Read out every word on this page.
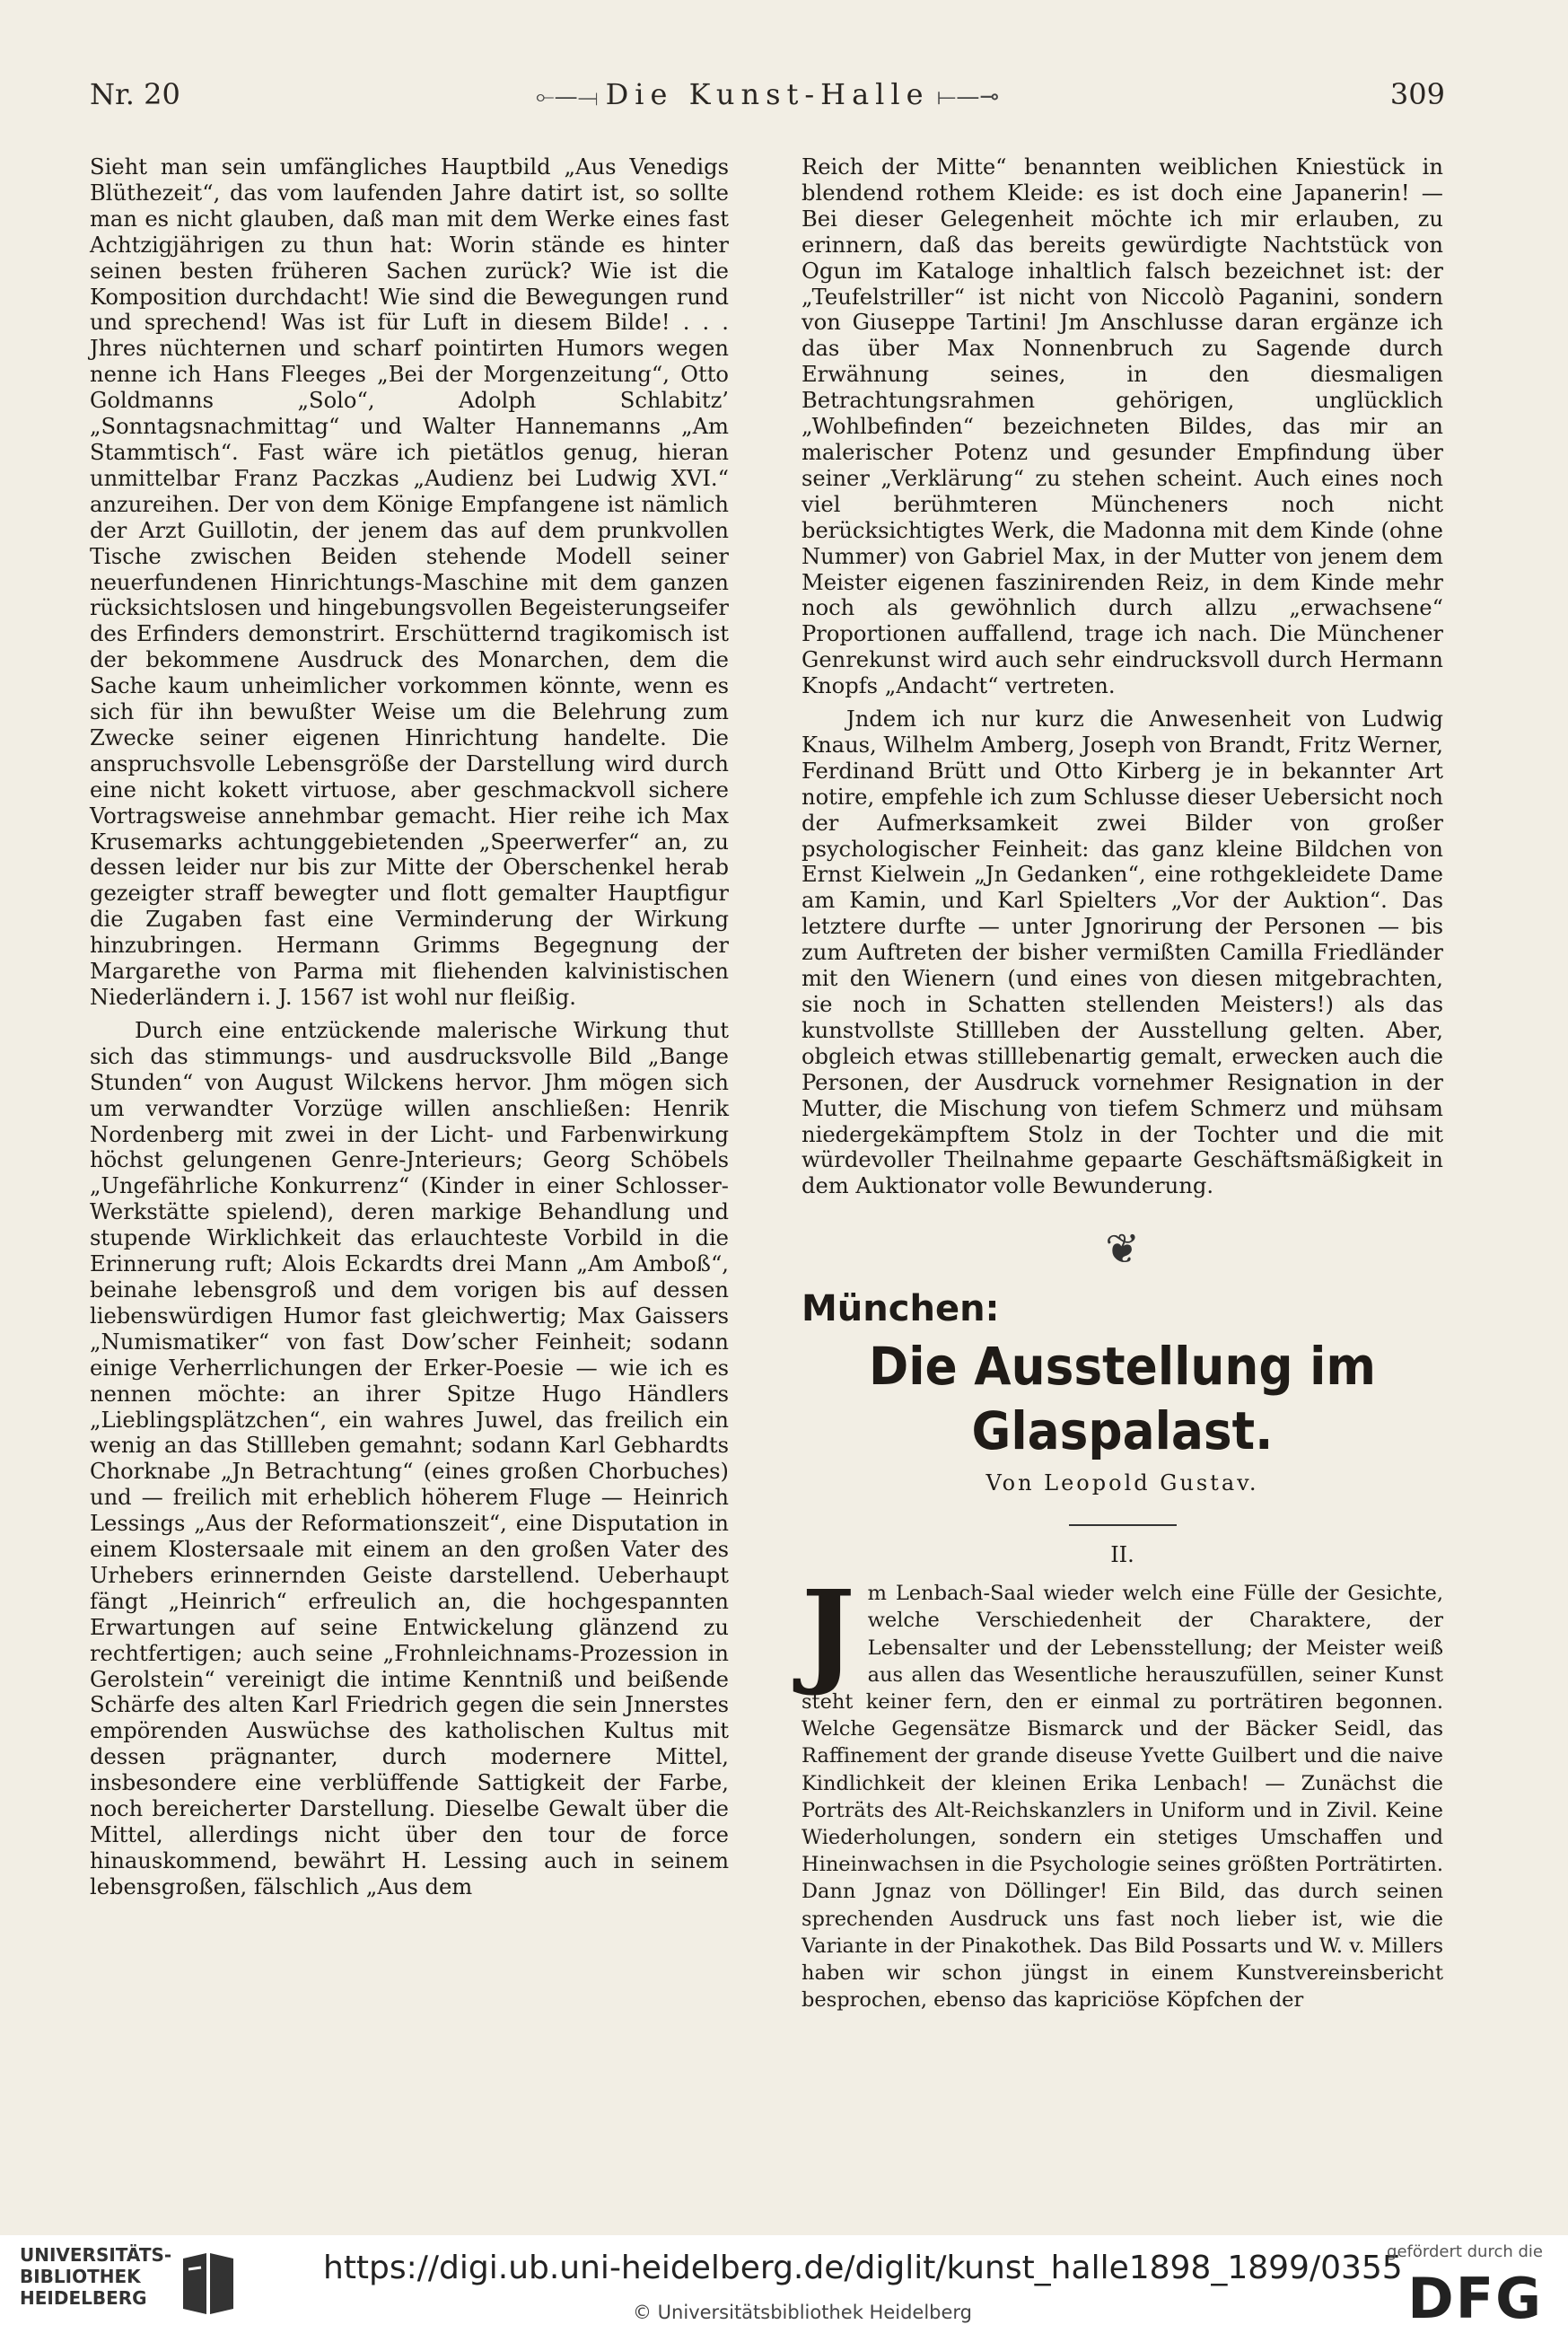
Nr. 20	⟜—⟞ Die Kunst-Halle ⟝—⊸	309

Sieht man sein umfängliches Hauptbild „Aus Venedigs Blüthezeit“, das vom laufenden Jahre datirt ist, so sollte man es nicht glauben, daß man mit dem Werke eines fast Achtzigjährigen zu thun hat: Worin stände es hinter seinen besten früheren Sachen zurück? Wie ist die Komposition durchdacht! Wie sind die Bewegungen rund und sprechend! Was ist für Luft in diesem Bilde! . . . Jhres nüchternen und scharf pointirten Humors wegen nenne ich Hans Fleeges „Bei der Morgenzeitung“, Otto Goldmanns „Solo“, Adolph Schlabitz’ „Sonntagsnachmittag“ und Walter Hannemanns „Am Stammtisch“. Fast wäre ich pietätlos genug, hieran unmittelbar Franz Paczkas „Audienz bei Ludwig XVI.“ anzureihen. Der von dem Könige Empfangene ist nämlich der Arzt Guillotin, der jenem das auf dem prunkvollen Tische zwischen Beiden stehende Modell seiner neuerfundenen Hinrichtungs-Maschine mit dem ganzen rücksichtslosen und hingebungsvollen Begeisterungseifer des Erfinders demonstrirt. Erschütternd tragikomisch ist der bekommene Ausdruck des Monarchen, dem die Sache kaum unheimlicher vorkommen könnte, wenn es sich für ihn bewußter Weise um die Belehrung zum Zwecke seiner eigenen Hinrichtung handelte. Die anspruchsvolle Lebensgröße der Darstellung wird durch eine nicht kokett virtuose, aber geschmackvoll sichere Vortragsweise annehmbar gemacht. Hier reihe ich Max Krusemarks achtunggebietenden „Speerwerfer“ an, zu dessen leider nur bis zur Mitte der Oberschenkel herab gezeigter straff bewegter und flott gemalter Hauptfigur die Zugaben fast eine Verminderung der Wirkung hinzubringen. Hermann Grimms Begegnung der Margarethe von Parma mit fliehenden kalvinistischen Niederländern i. J. 1567 ist wohl nur fleißig.

Durch eine entzückende malerische Wirkung thut sich das stimmungs- und ausdrucksvolle Bild „Bange Stunden“ von August Wilckens hervor. Jhm mögen sich um verwandter Vorzüge willen anschließen: Henrik Nordenberg mit zwei in der Licht- und Farbenwirkung höchst gelungenen Genre-Jnterieurs; Georg Schöbels „Ungefährliche Konkurrenz“ (Kinder in einer Schlosser-Werkstätte spielend), deren markige Behandlung und stupende Wirklichkeit das erlauchteste Vorbild in die Erinnerung ruft; Alois Eckardts drei Mann „Am Amboß“, beinahe lebensgroß und dem vorigen bis auf dessen liebenswürdigen Humor fast gleichwertig; Max Gaissers „Numismatiker“ von fast Dow’scher Feinheit; sodann einige Verherrlichungen der Erker-Poesie — wie ich es nennen möchte: an ihrer Spitze Hugo Händlers „Lieblingsplätzchen“, ein wahres Juwel, das freilich ein wenig an das Stillleben gemahnt; sodann Karl Gebhardts Chorknabe „Jn Betrachtung“ (eines großen Chorbuches) und — freilich mit erheblich höherem Fluge — Heinrich Lessings „Aus der Reformationszeit“, eine Disputation in einem Klostersaale mit einem an den großen Vater des Urhebers erinnernden Geiste darstellend. Ueberhaupt fängt „Heinrich“ erfreulich an, die hochgespannten Erwartungen auf seine Entwickelung glänzend zu rechtfertigen; auch seine „Frohnleichnams-Prozession in Gerolstein“ vereinigt die intime Kenntniß und beißende Schärfe des alten Karl Friedrich gegen die sein Jnnerstes empörenden Auswüchse des katholischen Kultus mit dessen prägnanter, durch modernere Mittel, insbesondere eine verblüffende Sattigkeit der Farbe, noch bereicherter Darstellung. Dieselbe Gewalt über die Mittel, allerdings nicht über den tour de force hinauskommend, bewährt H. Lessing auch in seinem lebensgroßen, fälschlich „Aus dem

Reich der Mitte“ benannten weiblichen Kniestück in blendend rothem Kleide: es ist doch eine Japanerin! — Bei dieser Gelegenheit möchte ich mir erlauben, zu erinnern, daß das bereits gewürdigte Nachtstück von Ogun im Kataloge inhaltlich falsch bezeichnet ist: der „Teufelstriller“ ist nicht von Niccolò Paganini, sondern von Giuseppe Tartini! Jm Anschlusse daran ergänze ich das über Max Nonnenbruch zu Sagende durch Erwähnung seines, in den diesmaligen Betrachtungsrahmen gehörigen, unglücklich „Wohlbefinden“ bezeichneten Bildes, das mir an malerischer Potenz und gesunder Empfindung über seiner „Verklärung“ zu stehen scheint. Auch eines noch viel berühmteren Müncheners noch nicht berücksichtigtes Werk, die Madonna mit dem Kinde (ohne Nummer) von Gabriel Max, in der Mutter von jenem dem Meister eigenen faszinirenden Reiz, in dem Kinde mehr noch als gewöhnlich durch allzu „erwachsene“ Proportionen auffallend, trage ich nach. Die Münchener Genrekunst wird auch sehr eindrucksvoll durch Hermann Knopfs „Andacht“ vertreten.

Jndem ich nur kurz die Anwesenheit von Ludwig Knaus, Wilhelm Amberg, Joseph von Brandt, Fritz Werner, Ferdinand Brütt und Otto Kirberg je in bekannter Art notire, empfehle ich zum Schlusse dieser Uebersicht noch der Aufmerksamkeit zwei Bilder von großer psychologischer Feinheit: das ganz kleine Bildchen von Ernst Kielwein „Jn Gedanken“, eine rothgekleidete Dame am Kamin, und Karl Spielters „Vor der Auktion“. Das letztere durfte — unter Jgnorirung der Personen — bis zum Auftreten der bisher vermißten Camilla Friedländer mit den Wienern (und eines von diesen mitgebrachten, sie noch in Schatten stellenden Meisters!) als das kunstvollste Stillleben der Ausstellung gelten. Aber, obgleich etwas stilllebenartig gemalt, erwecken auch die Personen, der Ausdruck vornehmer Resignation in der Mutter, die Mischung von tiefem Schmerz und mühsam niedergekämpftem Stolz in der Tochter und die mit würdevoller Theilnahme gepaarte Geschäftsmäßigkeit in dem Auktionator volle Bewunderung.

❦
München:
Die Ausstellung im Glaspalast.
Von Leopold Gustav.
II.

Jm Lenbach-Saal wieder welch eine Fülle der Gesichte, welche Verschiedenheit der Charaktere, der Lebensalter und der Lebensstellung; der Meister weiß aus allen das Wesentliche herauszufüllen, seiner Kunst steht keiner fern, den er einmal zu porträtiren begonnen. Welche Gegensätze Bismarck und der Bäcker Seidl, das Raffinement der grande diseuse Yvette Guilbert und die naive Kindlichkeit der kleinen Erika Lenbach! — Zunächst die Porträts des Alt-Reichskanzlers in Uniform und in Zivil. Keine Wiederholungen, sondern ein stetiges Umschaffen und Hineinwachsen in die Psychologie seines größten Porträtirten. Dann Jgnaz von Döllinger! Ein Bild, das durch seinen sprechenden Ausdruck uns fast noch lieber ist, wie die Variante in der Pinakothek. Das Bild Possarts und W. v. Millers haben wir schon jüngst in einem Kunstvereinsbericht besprochen, ebenso das kapriciöse Köpfchen der

UNIVERSITÄTS-
BIBLIOTHEK
HEIDELBERG
https://digi.ub.uni-heidelberg.de/diglit/kunst_halle1898_1899/0355
© Universitätsbibliothek Heidelberg
gefördert durch die
DFG
